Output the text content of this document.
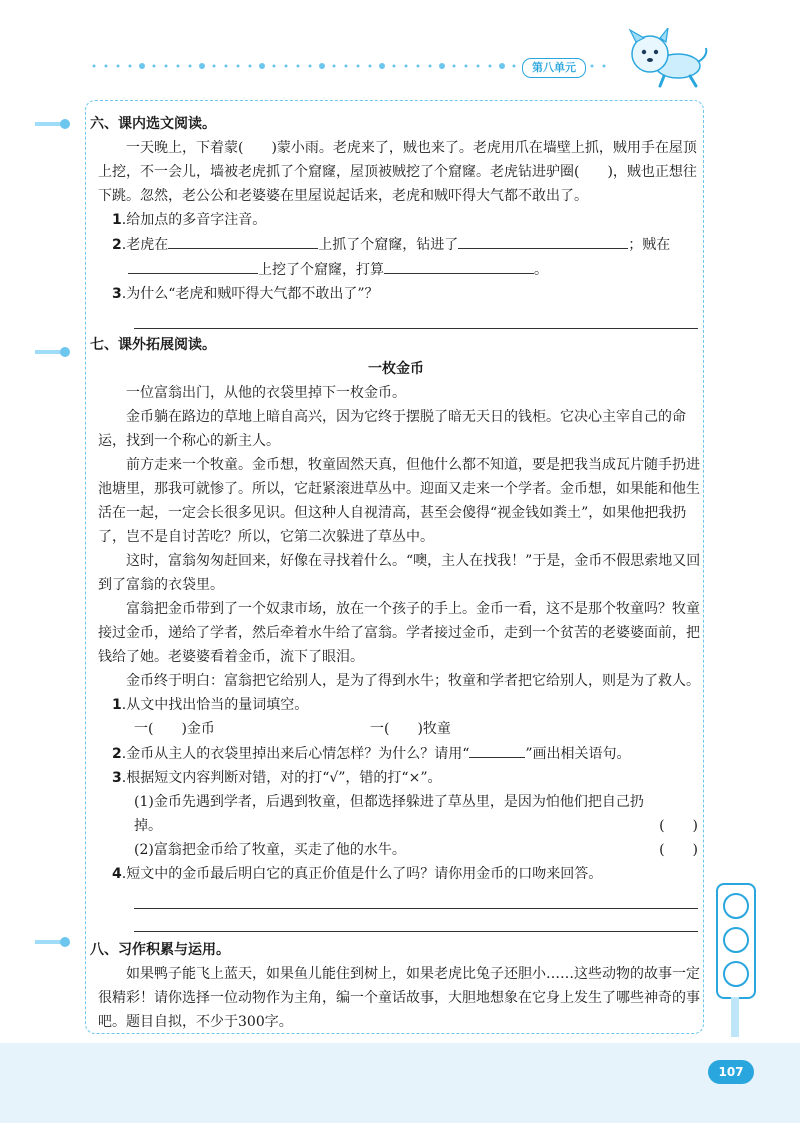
第八单元
六、课内选文阅读。

一天晚上，下着蒙(　　)蒙小雨。老虎来了，贼也来了。老虎用爪在墙壁上抓，贼用手在屋顶上挖，不一会儿，墙被老虎抓了个窟窿，屋顶被贼挖了个窟窿。老虎钻进驴圈(　　)，贼也正想往下跳。忽然，老公公和老婆婆在里屋说起话来，老虎和贼吓得大气都不敢出了。

1.给加点的多音字注音。

2.老虎在	上抓了个窟窿，钻进了	；贼在

上挖了个窟窿，打算	。

3.为什么“老虎和贼吓得大气都不敢出了”？

七、课外拓展阅读。
一枚金币

一位富翁出门，从他的衣袋里掉下一枚金币。

金币躺在路边的草地上暗自高兴，因为它终于摆脱了暗无天日的钱柜。它决心主宰自己的命运，找到一个称心的新主人。

前方走来一个牧童。金币想，牧童固然天真，但他什么都不知道，要是把我当成瓦片随手扔进池塘里，那我可就惨了。所以，它赶紧滚进草丛中。迎面又走来一个学者。金币想，如果能和他生活在一起，一定会长很多见识。但这种人自视清高，甚至会傻得“视金钱如粪土”，如果他把我扔了，岂不是自讨苦吃？所以，它第二次躲进了草丛中。

这时，富翁匆匆赶回来，好像在寻找着什么。“噢，主人在找我！”于是，金币不假思索地又回到了富翁的衣袋里。

富翁把金币带到了一个奴隶市场，放在一个孩子的手上。金币一看，这不是那个牧童吗？牧童接过金币，递给了学者，然后牵着水牛给了富翁。学者接过金币，走到一个贫苦的老婆婆面前，把钱给了她。老婆婆看着金币，流下了眼泪。

金币终于明白：富翁把它给别人，是为了得到水牛；牧童和学者把它给别人，则是为了救人。

1.从文中找出恰当的量词填空。

一(　　)金币	一(　　)牧童

2.金币从主人的衣袋里掉出来后心情怎样？为什么？请用“	”画出相关语句。

3.根据短文内容判断对错，对的打“√”，错的打“×”。

(1)金币先遇到学者，后遇到牧童，但都选择躲进了草丛里，是因为怕他们把自己扔掉。	(　　)
(2)富翁把金币给了牧童，买走了他的水牛。	(　　)

4.短文中的金币最后明白它的真正价值是什么了吗？请你用金币的口吻来回答。

八、习作积累与运用。

如果鸭子能飞上蓝天，如果鱼儿能住到树上，如果老虎比兔子还胆小……这些动物的故事一定很精彩！请你选择一位动物作为主角，编一个童话故事，大胆地想象在它身上发生了哪些神奇的事吧。题目自拟，不少于300字。

107
